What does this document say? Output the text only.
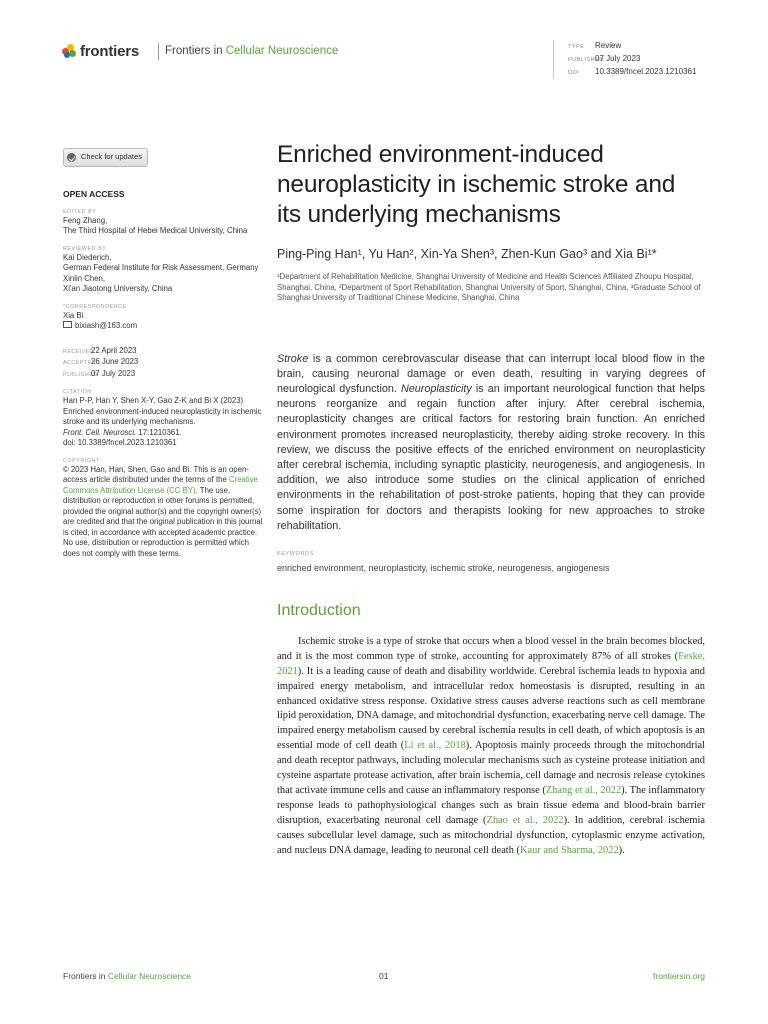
frontiers Frontiers in Cellular Neuroscience	TYPE Review
PUBLISHED07 July 2023
DOI 10.3389/fncel.2023.1210361
Check for updates
OPEN ACCESS
EDITED BY
Feng Zhang,
The Third Hospital of Hebei Medical University, China
REVIEWED BY
Kai Diederich,
German Federal Institute for Risk Assessment, Germany
Xinlin Chen,
Xi'an Jiaotong University, China
*CORRESPONDENCE
Xia Bi
bixiash@163.com
RECEIVED22 April 2023
ACCEPTED26 June 2023
PUBLISHED07 July 2023
CITATION
Han P-P, Han Y, Shen X-Y, Gao Z-K and Bi X (2023) Enriched environment-induced neuroplasticity in ischemic stroke and its underlying mechanisms.
Front. Cell. Neurosci. 17:1210361.
doi: 10.3389/fncel.2023.1210361
COPYRIGHT
© 2023 Han, Han, Shen, Gao and Bi. This is an open-access article distributed under the terms of the Creative Commons Attribution License (CC BY). The use, distribution or reproduction in other forums is permitted, provided the original author(s) and the copyright owner(s) are credited and that the original publication in this journal is cited, in accordance with accepted academic practice. No use, distribution or reproduction is permitted which does not comply with these terms.
Enriched environment-induced neuroplasticity in ischemic stroke and its underlying mechanisms
Ping-Ping Han¹, Yu Han², Xin-Ya Shen³, Zhen-Kun Gao³ and Xia Bi¹*
¹Department of Rehabilitation Medicine, Shanghai University of Medicine and Health Sciences Affiliated Zhoupu Hospital, Shanghai, China, ²Department of Sport Rehabilitation, Shanghai University of Sport, Shanghai, China, ³Graduate School of Shanghai University of Traditional Chinese Medicine, Shanghai, China
Stroke is a common cerebrovascular disease that can interrupt local blood flow in the brain, causing neuronal damage or even death, resulting in varying degrees of neurological dysfunction. Neuroplasticity is an important neurological function that helps neurons reorganize and regain function after injury. After cerebral ischemia, neuroplasticity changes are critical factors for restoring brain function. An enriched environment promotes increased neuroplasticity, thereby aiding stroke recovery. In this review, we discuss the positive effects of the enriched environment on neuroplasticity after cerebral ischemia, including synaptic plasticity, neurogenesis, and angiogenesis. In addition, we also introduce some studies on the clinical application of enriched environments in the rehabilitation of post-stroke patients, hoping that they can provide some inspiration for doctors and therapists looking for new approaches to stroke rehabilitation.
KEYWORDS
enriched environment, neuroplasticity, ischemic stroke, neurogenesis, angiogenesis
Introduction
Ischemic stroke is a type of stroke that occurs when a blood vessel in the brain becomes blocked, and it is the most common type of stroke, accounting for approximately 87% of all strokes (Feske, 2021). It is a leading cause of death and disability worldwide. Cerebral ischemia leads to hypoxia and impaired energy metabolism, and intracellular redox homeostasis is disrupted, resulting in an enhanced oxidative stress response. Oxidative stress causes adverse reactions such as cell membrane lipid peroxidation, DNA damage, and mitochondrial dysfunction, exacerbating nerve cell damage. The impaired energy metabolism caused by cerebral ischemia results in cell death, of which apoptosis is an essential mode of cell death (Li et al., 2018). Apoptosis mainly proceeds through the mitochondrial and death receptor pathways, including molecular mechanisms such as cysteine protease initiation and cysteine aspartate protease activation, after brain ischemia, cell damage and necrosis release cytokines that activate immune cells and cause an inflammatory response (Zhang et al., 2022). The inflammatory response leads to pathophysiological changes such as brain tissue edema and blood-brain barrier disruption, exacerbating neuronal cell damage (Zhao et al., 2022). In addition, cerebral ischemia causes subcellular level damage, such as mitochondrial dysfunction, cytoplasmic enzyme activation, and nucleus DNA damage, leading to neuronal cell death (Kaur and Sharma, 2022).
Frontiers in Cellular Neuroscience	01	frontiersin.org
